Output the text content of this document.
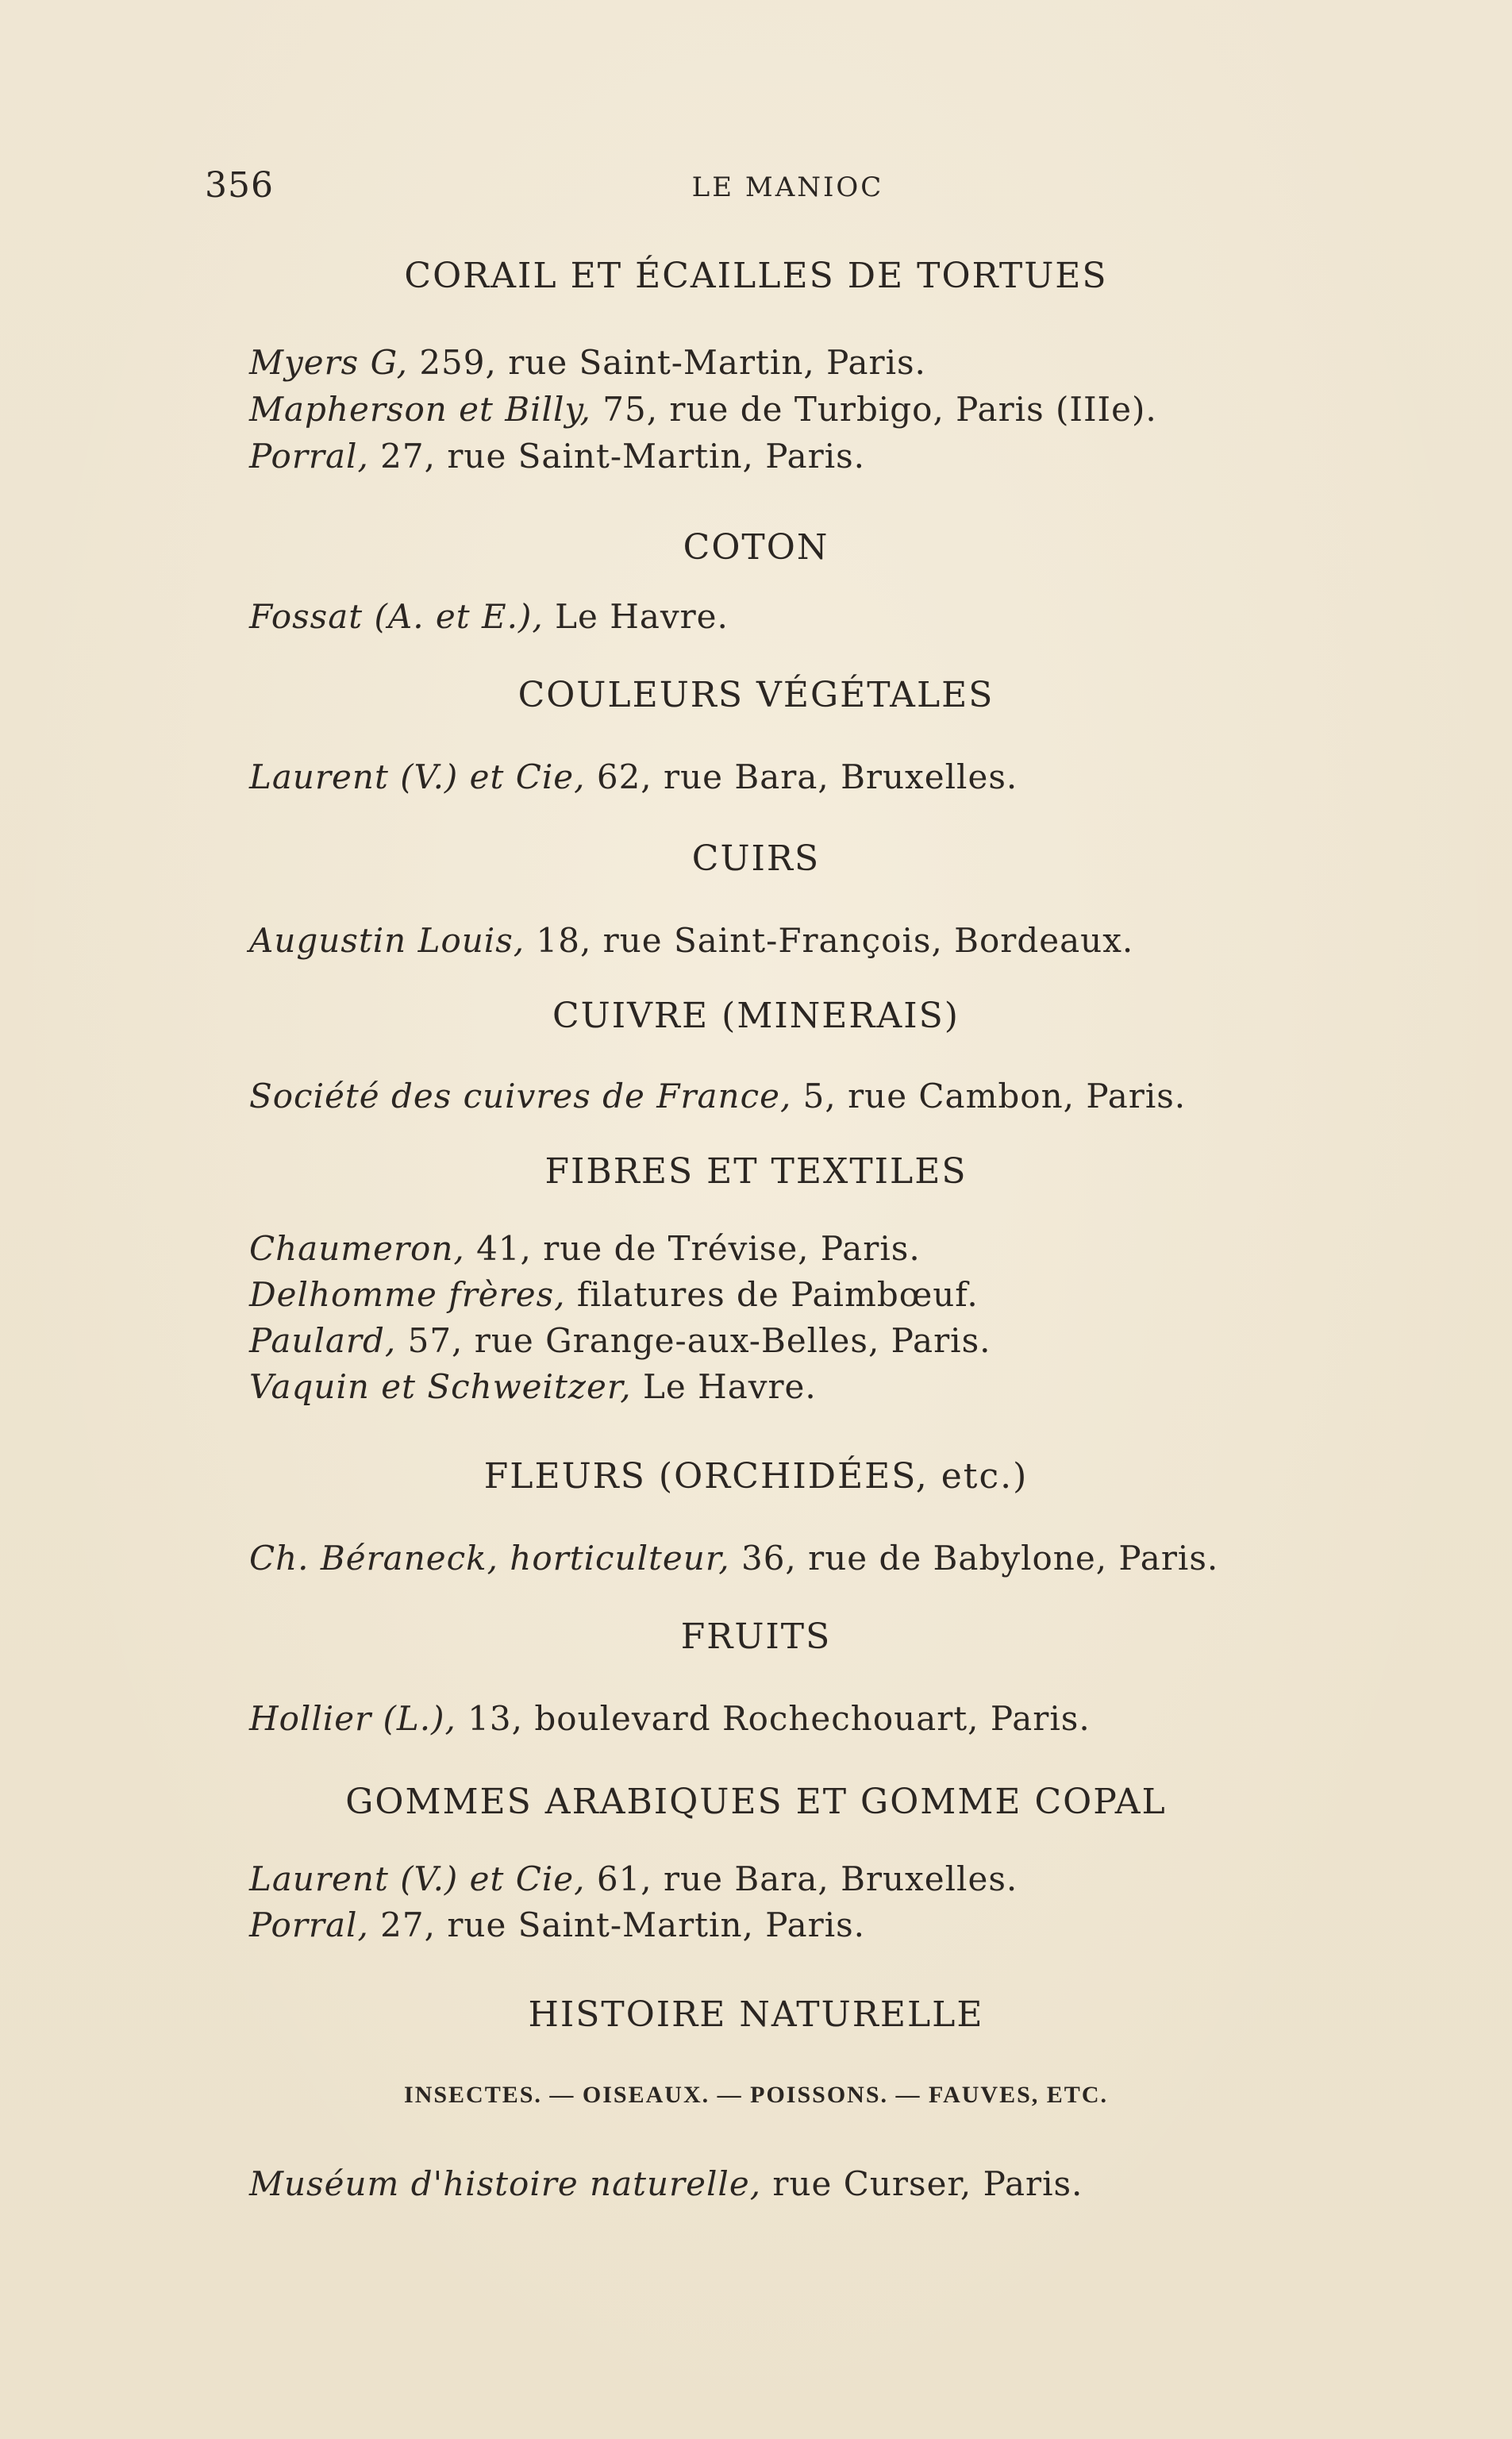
356	LE MANIOC
CORAIL ET ÉCAILLES DE TORTUES
Myers G, 259, rue Saint-Martin, Paris.
Mapherson et Billy, 75, rue de Turbigo, Paris (IIIe).
Porral, 27, rue Saint-Martin, Paris.
COTON
Fossat (A. et E.), Le Havre.
COULEURS VÉGÉTALES
Laurent (V.) et Cie, 62, rue Bara, Bruxelles.
CUIRS
Augustin Louis, 18, rue Saint-François, Bordeaux.
CUIVRE (MINERAIS)
Société des cuivres de France, 5, rue Cambon, Paris.
FIBRES ET TEXTILES
Chaumeron, 41, rue de Trévise, Paris.
Delhomme frères, filatures de Paimbœuf.
Paulard, 57, rue Grange-aux-Belles, Paris.
Vaquin et Schweitzer, Le Havre.
FLEURS (ORCHIDÉES, etc.)
Ch. Béraneck, horticulteur, 36, rue de Babylone, Paris.
FRUITS
Hollier (L.), 13, boulevard Rochechouart, Paris.
GOMMES ARABIQUES ET GOMME COPAL
Laurent (V.) et Cie, 61, rue Bara, Bruxelles.
Porral, 27, rue Saint-Martin, Paris.
HISTOIRE NATURELLE
INSECTES. — OISEAUX. — POISSONS. — FAUVES, ETC.
Muséum d'histoire naturelle, rue Curser, Paris.
